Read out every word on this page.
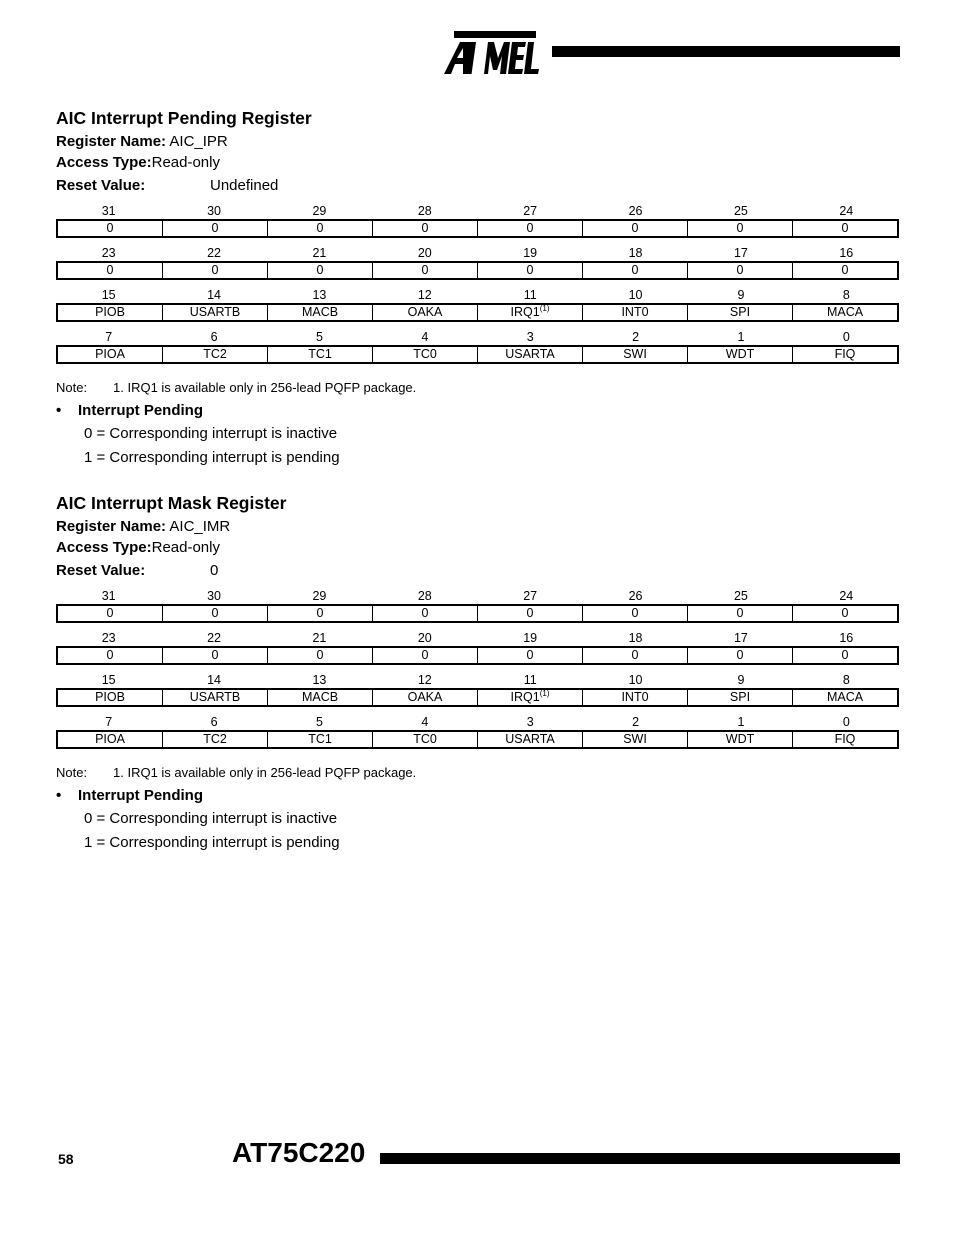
AIC Interrupt Pending Register
Register Name: AIC_IPR
Access Type:Read-only
Reset Value:	Undefined
31	30	29	28	27	26	25	24
0	0	0	0	0	0	0	0
23	22	21	20	19	18	17	16
0	0	0	0	0	0	0	0
15	14	13	12	11	10	9	8
PIOB	USARTB	MACB	OAKA	IRQ1$^{(1)}$	INT0	SPI	MACA
7	6	5	4	3	2	1	0
PIOA	TC2	TC1	TC0	USARTA	SWI	WDT	FIQ
Note: 1. IRQ1 is available only in 256-lead PQFP package.
• Interrupt Pending
0 = Corresponding interrupt is inactive
1 = Corresponding interrupt is pending
AIC Interrupt Mask Register
Register Name: AIC_IMR
Access Type:Read-only
Reset Value:	0
31	30	29	28	27	26	25	24
0	0	0	0	0	0	0	0
23	22	21	20	19	18	17	16
0	0	0	0	0	0	0	0
15	14	13	12	11	10	9	8
PIOB	USARTB	MACB	OAKA	IRQ1$^{(1)}$	INT0	SPI	MACA
7	6	5	4	3	2	1	0
PIOA	TC2	TC1	TC0	USARTA	SWI	WDT	FIQ
Note: 1. IRQ1 is available only in 256-lead PQFP package.
• Interrupt Pending
0 = Corresponding interrupt is inactive
1 = Corresponding interrupt is pending
58	AT75C220
